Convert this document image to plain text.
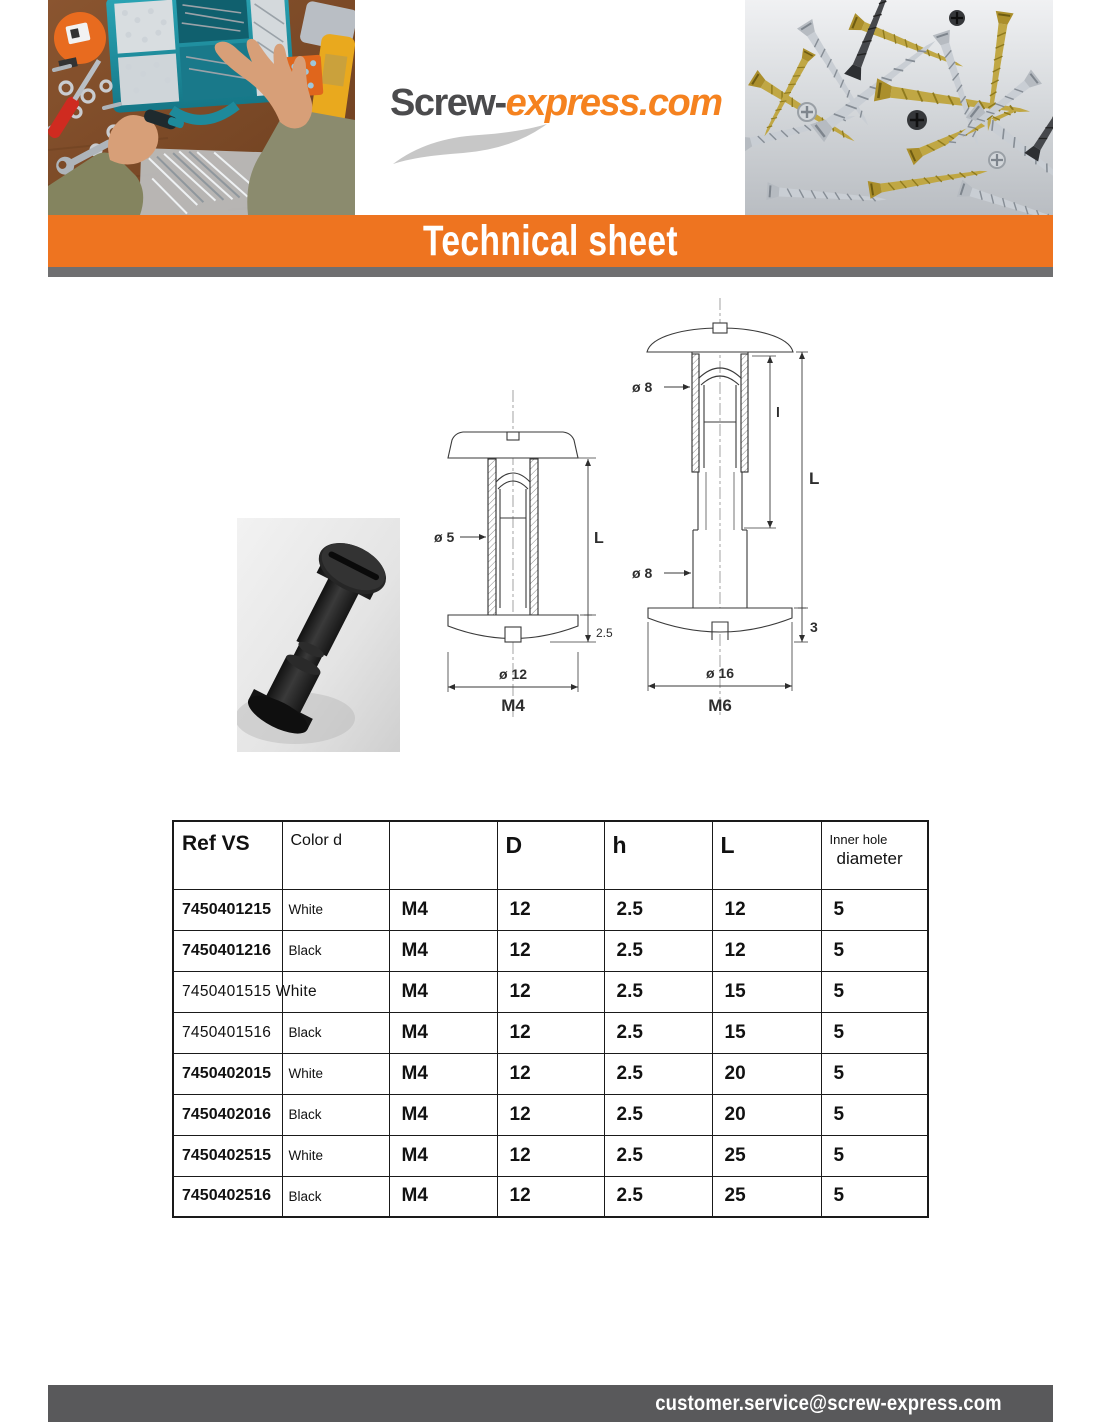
Screw-express.com
Technical sheet
ø 5	L
2.5
ø 12
M4
ø 8
l
L
ø 8
3
ø 16
M6
Ref VS	Color d		D	h	L	Inner hole
diameter

7450401215	White	M4	12	2.5	12	5
7450401216	Black	M4	12	2.5	12	5
7450401515 White		M4	12	2.5	15	5
7450401516	Black	M4	12	2.5	15	5
7450402015	White	M4	12	2.5	20	5
7450402016	Black	M4	12	2.5	20	5
7450402515	White	M4	12	2.5	25	5
7450402516	Black	M4	12	2.5	25	5
customer.service@screw-express.com
